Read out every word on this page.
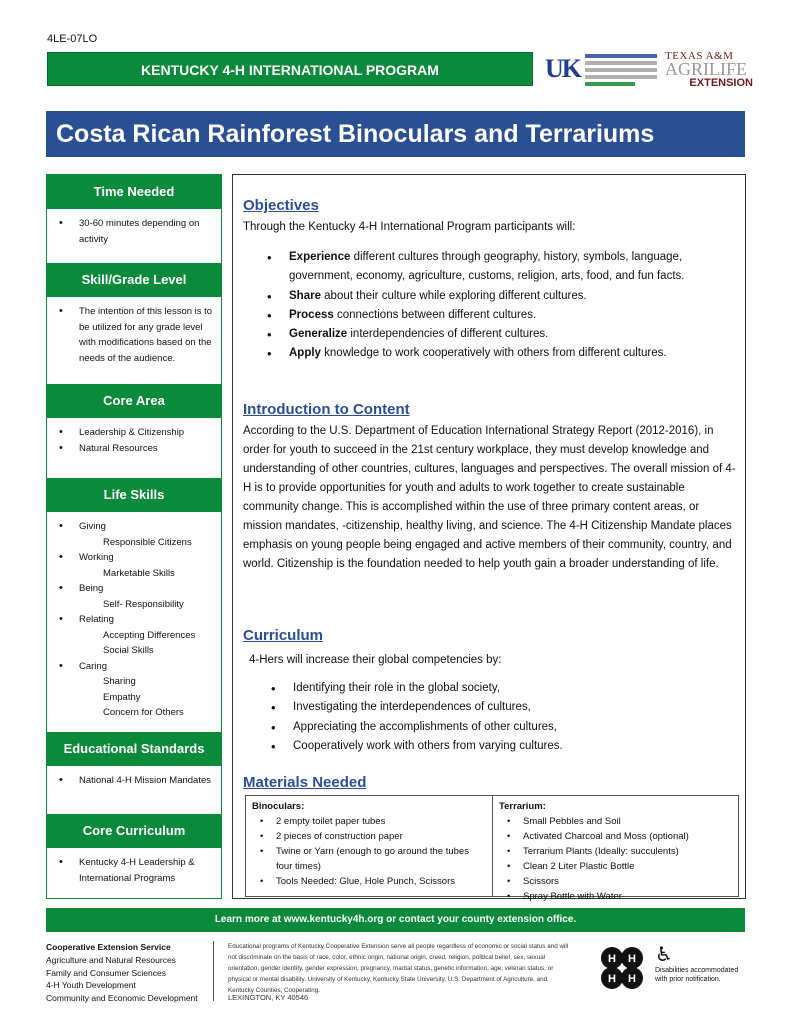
4LE-07LO
KENTUCKY 4-H INTERNATIONAL PROGRAM	UK	TEXAS A&M
AGRILIFE
EXTENSION
Costa Rican Rainforest Binoculars and Terrariums
Time Needed
• 30-60 minutes depending on activity
Skill/Grade Level
• The intention of this lesson is to be utilized for any grade level with modifications based on the needs of the audience.
Core Area
• Leadership & Citizenship
• Natural Resources
Life Skills
• Giving
Responsible Citizens
• Working
Marketable Skills
• Being
Self- Responsibility
• Relating
Accepting Differences
Social Skills
• Caring
Sharing
Empathy
Concern for Others
Educational Standards
• National 4-H Mission Mandates
Core Curriculum
• Kentucky 4-H Leadership & International Programs
Objectives
Through the Kentucky 4-H International Program participants will:
• Experience different cultures through geography, history, symbols, language, government, economy, agriculture, customs, religion, arts, food, and fun facts.
• Share about their culture while exploring different cultures.
• Process connections between different cultures.
• Generalize interdependencies of different cultures.
• Apply knowledge to work cooperatively with others from different cultures.
Introduction to Content
According to the U.S. Department of Education International Strategy Report (2012-2016), in order for youth to succeed in the 21st century workplace, they must develop knowledge and understanding of other countries, cultures, languages and perspectives. The overall mission of 4-H is to provide opportunities for youth and adults to work together to create sustainable community change. This is accomplished within the use of three primary content areas, or mission mandates, -citizenship, healthy living, and science. The 4-H Citizenship Mandate places emphasis on young people being engaged and active members of their community, country, and world. Citizenship is the foundation needed to help youth gain a broader understanding of life.
Curriculum
4-Hers will increase their global competencies by:
• Identifying their role in the global society,
• Investigating the interdependences of cultures,
• Appreciating the accomplishments of other cultures,
• Cooperatively work with others from varying cultures.
Materials Needed
Binoculars:
• 2 empty toilet paper tubes
• 2 pieces of construction paper
• Twine or Yarn (enough to go around the tubes four times)
• Tools Needed: Glue, Hole Punch, Scissors
Terrarium:
• Small Pebbles and Soil
• Activated Charcoal and Moss (optional)
• Terrarium Plants (Ideally: succulents)
• Clean 2 Liter Plastic Bottle
• Scissors
• Spray Bottle with Water
Learn more at www.kentucky4h.org or contact your county extension office.
Cooperative Extension Service
Agriculture and Natural Resources
Family and Consumer Sciences
4-H Youth Development
Community and Economic Development
Educational programs of Kentucky Cooperative Extension serve all people regardless of economic or social status and will not discriminate on the basis of race, color, ethnic origin, national origin, creed, religion, political belief, sex, sexual orientation, gender identity, gender expression, pregnancy, marital status, genetic information, age, veteran status, or physical or mental disability. University of Kentucky, Kentucky State University, U.S. Department of Agriculture, and Kentucky Counties, Cooperating.
LEXINGTON, KY 40546
H H
H H
♿
Disabilities accommodated with prior notification.
